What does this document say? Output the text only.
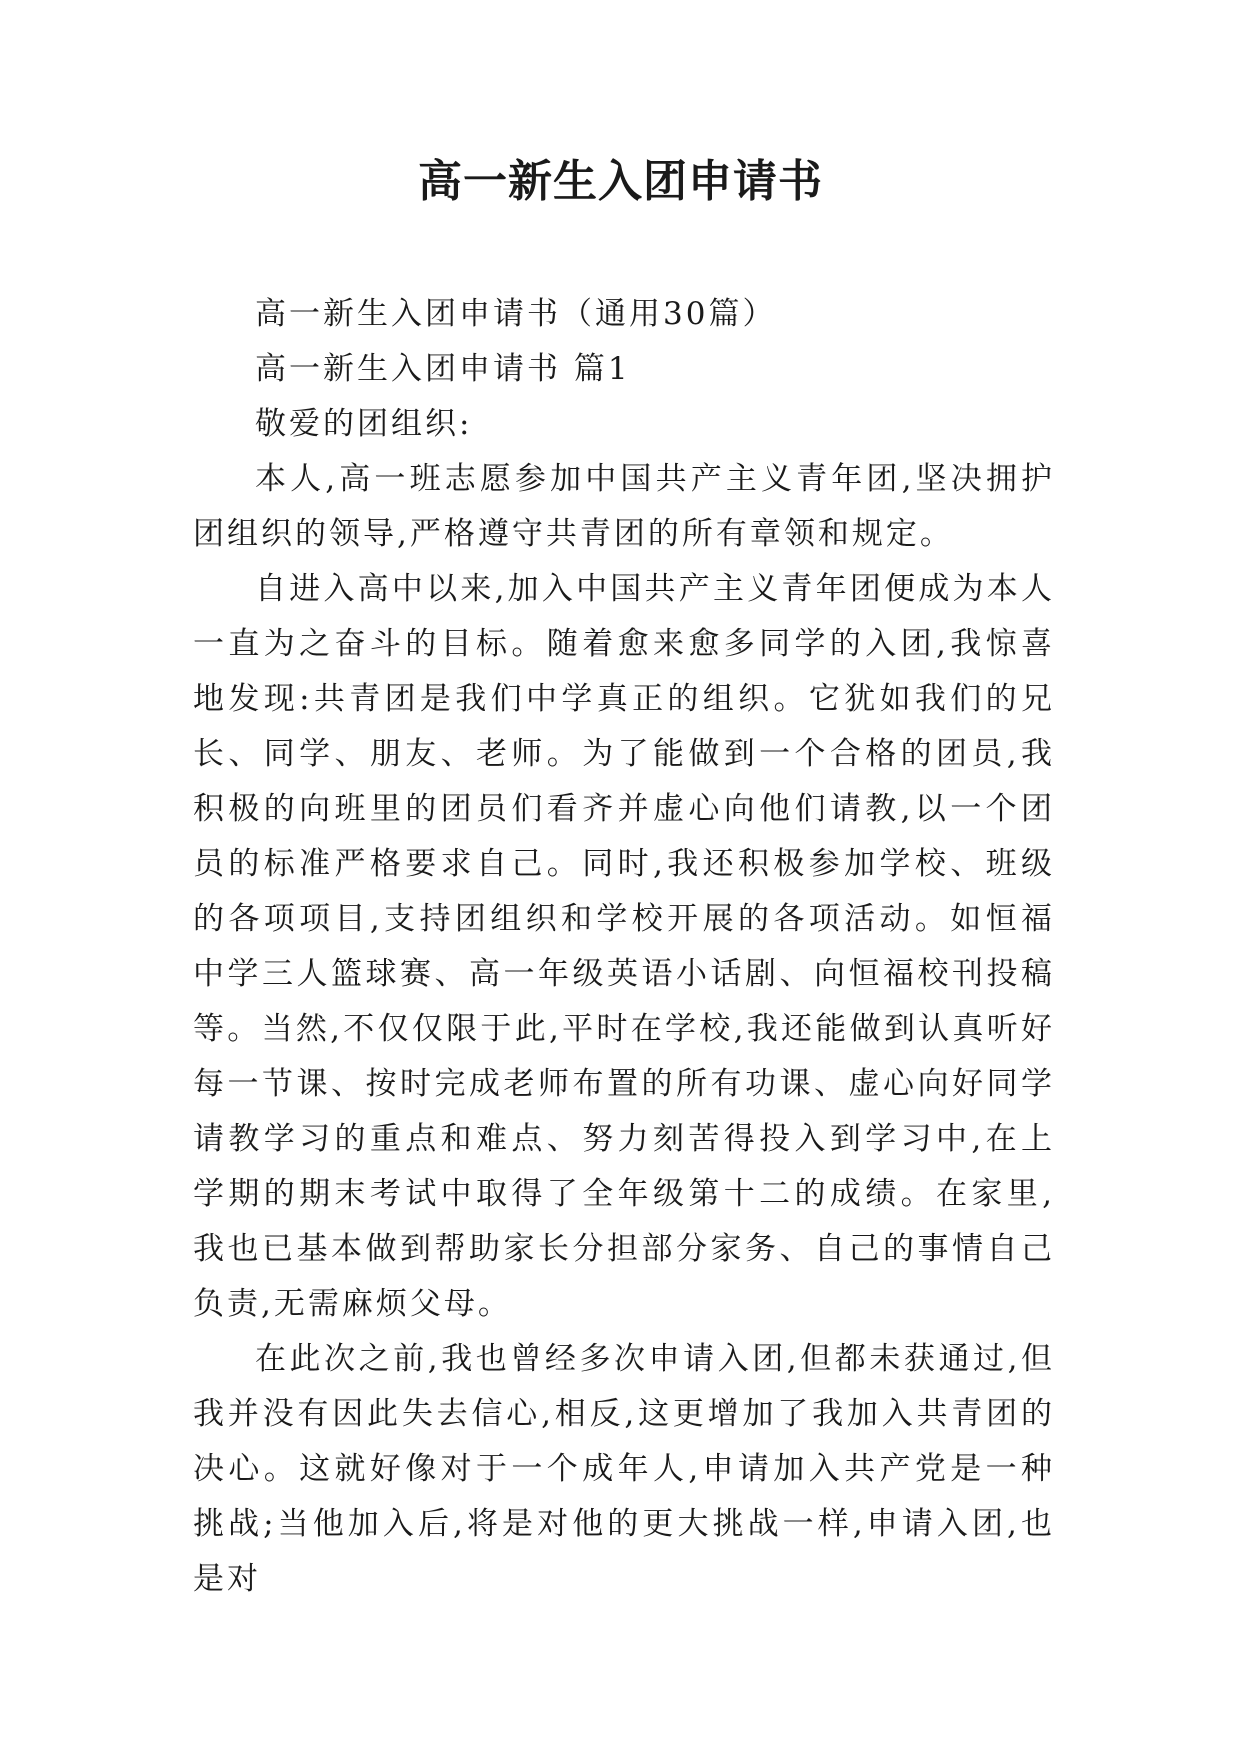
高一新生入团申请书

高一新生入团申请书（通用30篇）

高一新生入团申请书 篇1

敬爱的团组织:

本人,高一班志愿参加中国共产主义青年团,坚决拥护团组织的领导,严格遵守共青团的所有章领和规定。

自进入高中以来,加入中国共产主义青年团便成为本人一直为之奋斗的目标。随着愈来愈多同学的入团,我惊喜地发现:共青团是我们中学真正的组织。它犹如我们的兄长、同学、朋友、老师。为了能做到一个合格的团员,我积极的向班里的团员们看齐并虚心向他们请教,以一个团员的标准严格要求自己。同时,我还积极参加学校、班级的各项项目,支持团组织和学校开展的各项活动。如恒福中学三人篮球赛、高一年级英语小话剧、向恒福校刊投稿等。当然,不仅仅限于此,平时在学校,我还能做到认真听好每一节课、按时完成老师布置的所有功课、虚心向好同学请教学习的重点和难点、努力刻苦得投入到学习中,在上学期的期末考试中取得了全年级第十二的成绩。在家里,我也已基本做到帮助家长分担部分家务、自己的事情自己负责,无需麻烦父母。

在此次之前,我也曾经多次申请入团,但都未获通过,但我并没有因此失去信心,相反,这更增加了我加入共青团的决心。这就好像对于一个成年人,申请加入共产党是一种挑战;当他加入后,将是对他的更大挑战一样,申请入团,也是对
